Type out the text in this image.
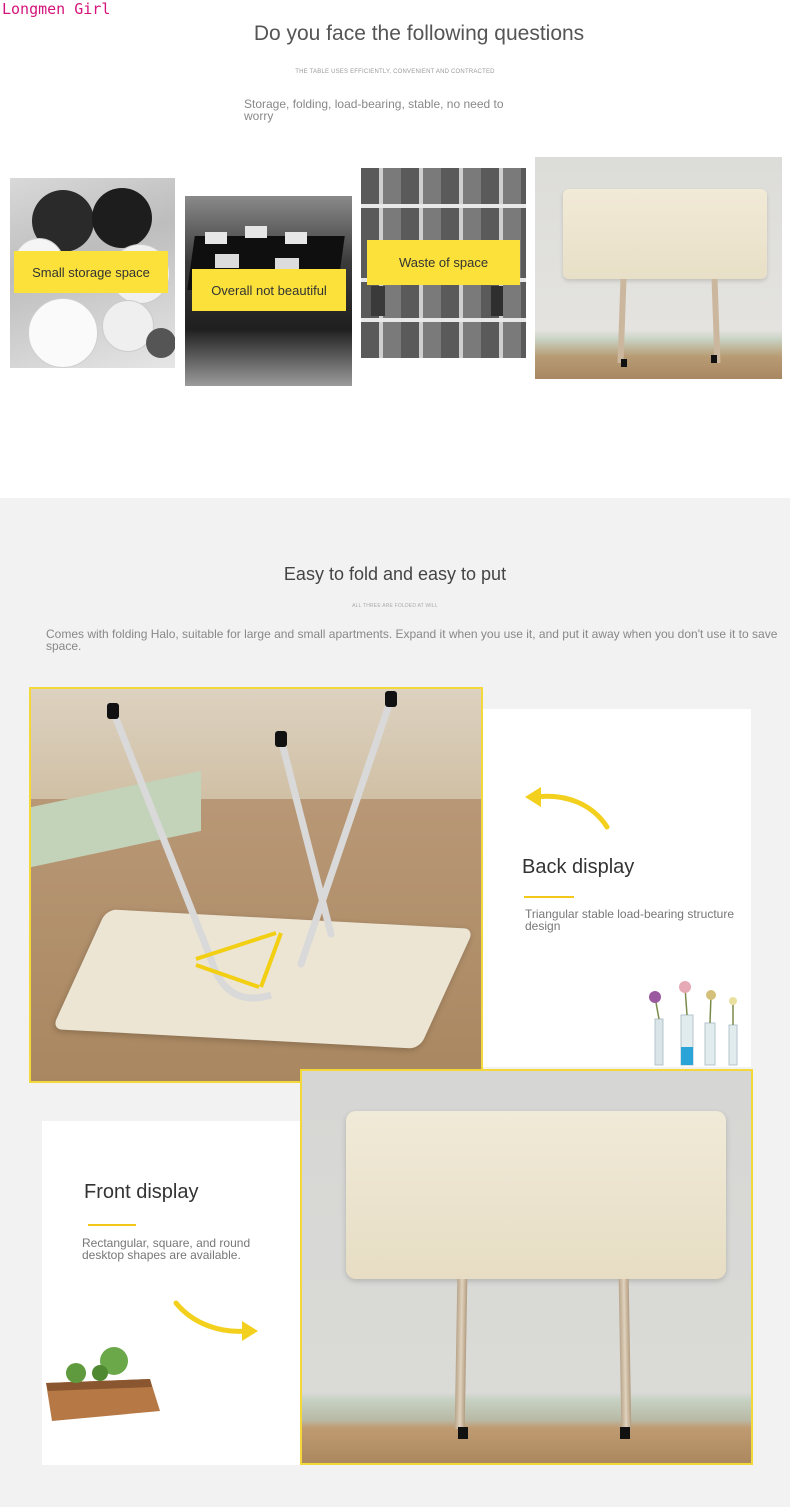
Longmen Girl
Do you face the following questions
THE TABLE USES EFFICIENTLY, CONVENIENT AND CONTRACTED
Storage, folding, load-bearing, stable, no need to worry
Small storage space
Overall not beautiful
Waste of space
Easy to fold and easy to put
ALL THREE ARE FOLDED AT WILL
Comes with folding Halo, suitable for large and small apartments. Expand it when you use it, and put it away when you don't use it to save space.
Back display
Triangular stable load-bearing structure design
Front display
Rectangular, square, and round desktop shapes are available.
